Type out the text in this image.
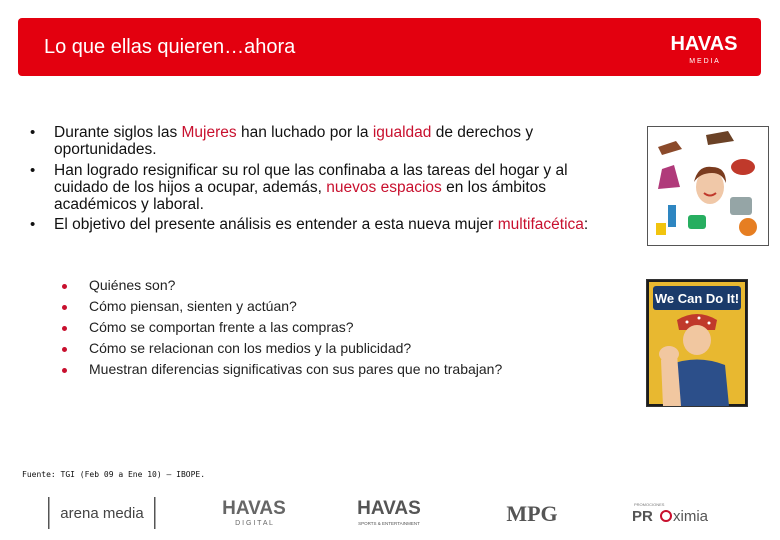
Lo que ellas quieren…ahora	HAVAS
M E D I A
• Durante siglos las Mujeres han luchado por la igualdad de derechos y oportunidades.
• Han logrado resignificar su rol que las confinaba a las tareas del hogar y al cuidado de los hijos a ocupar, además, nuevos espacios en los ámbitos académicos y laboral.
• El objetivo del presente análisis es entender a esta nueva mujer multifacética:
Quiénes son?
Cómo piensan, sienten y actúan?
Cómo se comportan frente a las compras?
Cómo se relacionan con los medios y la publicidad?
Muestran diferencias significativas con sus pares que no trabajan?
We Can Do It!
Fuente: TGI (Feb 09 a Ene 10) – IBOPE.
arena media	HAVAS
D I G I T A L
HAVAS
SPORTS & ENTERTAINMENT	MPG	PROMOCIONES
PR ximia
